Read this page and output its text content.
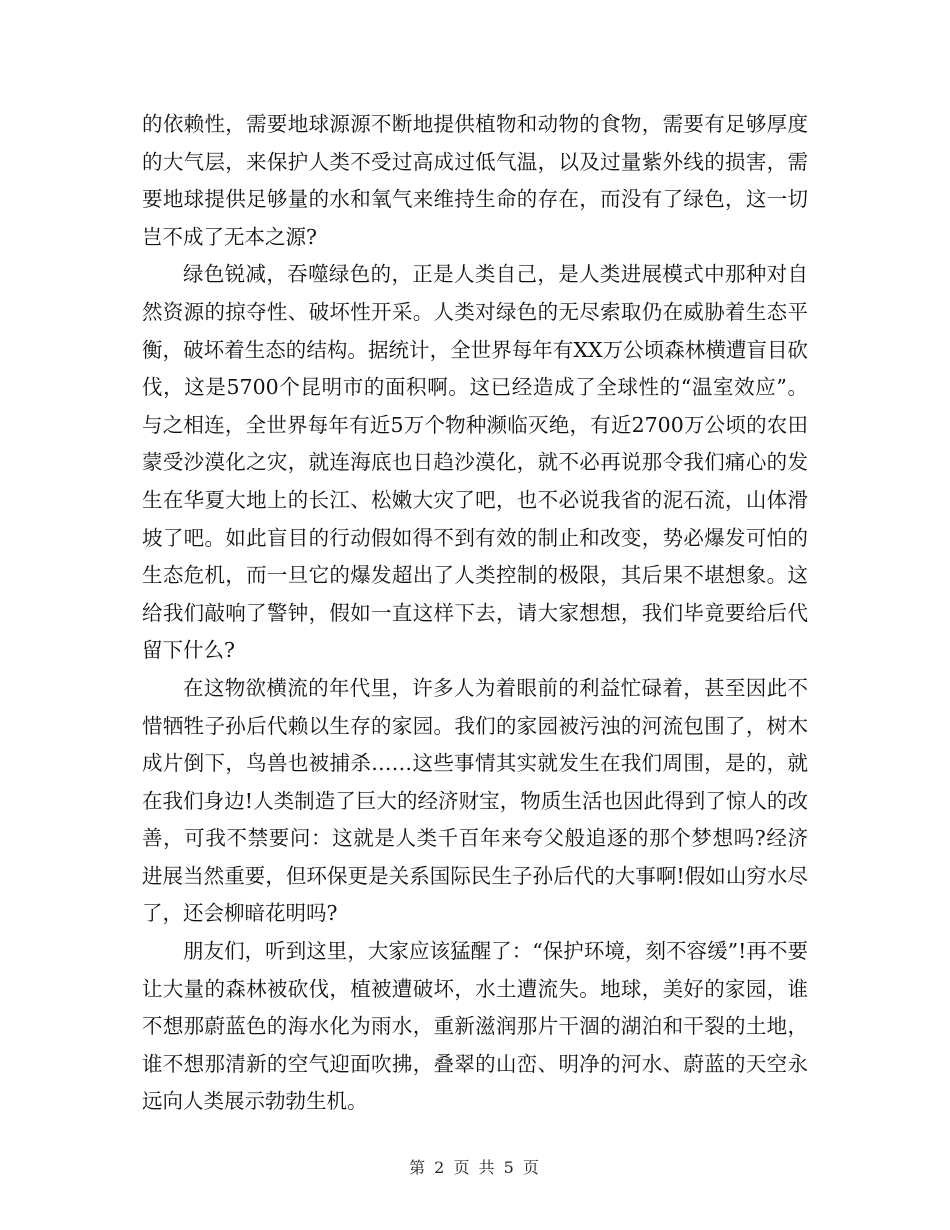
的依赖性，需要地球源源不断地提供植物和动物的食物，需要有足够厚度的大气层，来保护人类不受过高成过低气温，以及过量紫外线的损害，需要地球提供足够量的水和氧气来维持生命的存在，而没有了绿色，这一切岂不成了无本之源?

绿色锐减，吞噬绿色的，正是人类自己，是人类进展模式中那种对自然资源的掠夺性、破坏性开采。人类对绿色的无尽索取仍在威胁着生态平衡，破坏着生态的结构。据统计，全世界每年有XX万公顷森林横遭盲目砍伐，这是5700个昆明市的面积啊。这已经造成了全球性的“温室效应”。与之相连，全世界每年有近5万个物种濒临灭绝，有近2700万公顷的农田蒙受沙漠化之灾，就连海底也日趋沙漠化，就不必再说那令我们痛心的发生在华夏大地上的长江、松嫩大灾了吧，也不必说我省的泥石流，山体滑坡了吧。如此盲目的行动假如得不到有效的制止和改变，势必爆发可怕的生态危机，而一旦它的爆发超出了人类控制的极限，其后果不堪想象。这给我们敲响了警钟，假如一直这样下去，请大家想想，我们毕竟要给后代留下什么?

在这物欲横流的年代里，许多人为着眼前的利益忙碌着，甚至因此不惜牺牲子孙后代赖以生存的家园。我们的家园被污浊的河流包围了，树木成片倒下，鸟兽也被捕杀……这些事情其实就发生在我们周围，是的，就在我们身边!人类制造了巨大的经济财宝，物质生活也因此得到了惊人的改善，可我不禁要问：这就是人类千百年来夸父般追逐的那个梦想吗?经济进展当然重要，但环保更是关系国际民生子孙后代的大事啊!假如山穷水尽了，还会柳暗花明吗?

朋友们，听到这里，大家应该猛醒了：“保护环境，刻不容缓”!再不要让大量的森林被砍伐，植被遭破坏，水土遭流失。地球，美好的家园，谁不想那蔚蓝色的海水化为雨水，重新滋润那片干涸的湖泊和干裂的土地，谁不想那清新的空气迎面吹拂，叠翠的山峦、明净的河水、蔚蓝的天空永远向人类展示勃勃生机。

第 2 页 共 5 页
